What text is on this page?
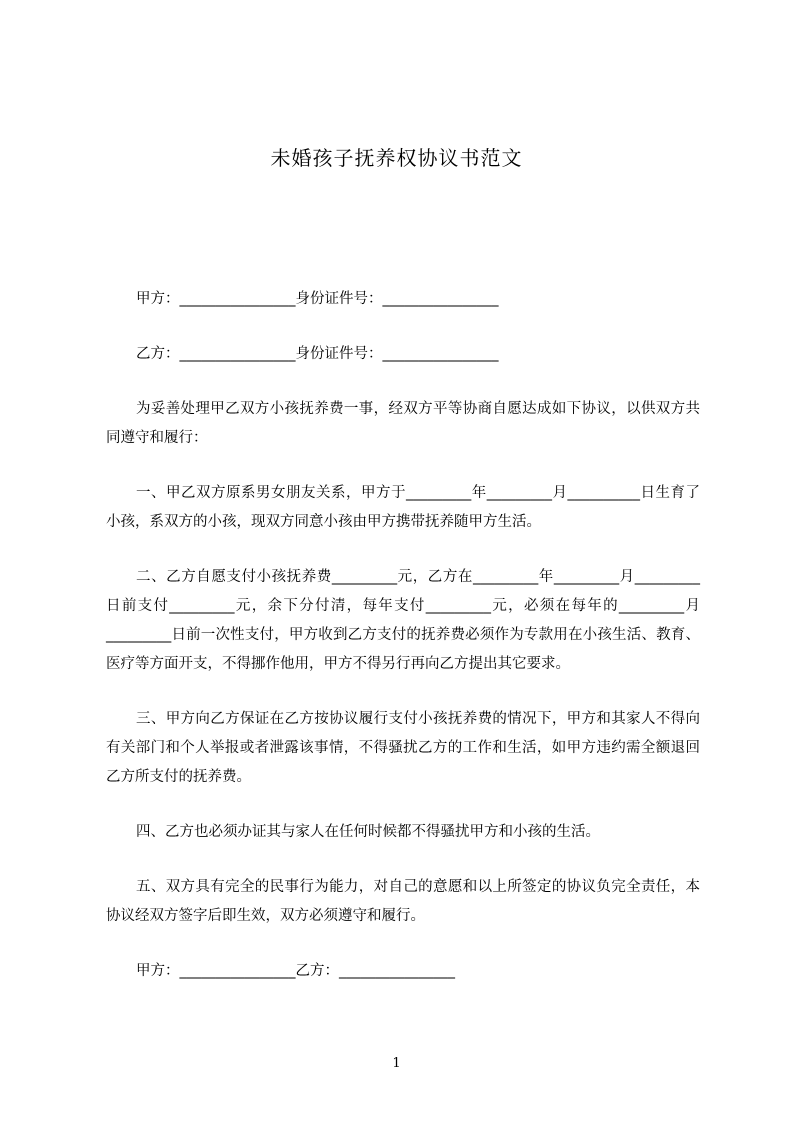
未婚孩子抚养权协议书范文

甲方：________________身份证件号：________________

乙方：________________身份证件号：________________

为妥善处理甲乙双方小孩抚养费一事，经双方平等协商自愿达成如下协议，以供双方共同遵守和履行：

一、甲乙双方原系男女朋友关系，甲方于_________年_________月__________日生育了小孩，系双方的小孩，现双方同意小孩由甲方携带抚养随甲方生活。

二、乙方自愿支付小孩抚养费_________元，乙方在_________年_________月_________日前支付_________元，余下分付清，每年支付_________元，必须在每年的_________月_________日前一次性支付，甲方收到乙方支付的抚养费必须作为专款用在小孩生活、教育、医疗等方面开支，不得挪作他用，甲方不得另行再向乙方提出其它要求。

三、甲方向乙方保证在乙方按协议履行支付小孩抚养费的情况下，甲方和其家人不得向有关部门和个人举报或者泄露该事情，不得骚扰乙方的工作和生活，如甲方违约需全额退回乙方所支付的抚养费。

四、乙方也必须办证其与家人在任何时候都不得骚扰甲方和小孩的生活。

五、双方具有完全的民事行为能力，对自己的意愿和以上所签定的协议负完全责任，本协议经双方签字后即生效，双方必须遵守和履行。

甲方：________________乙方：________________

1
